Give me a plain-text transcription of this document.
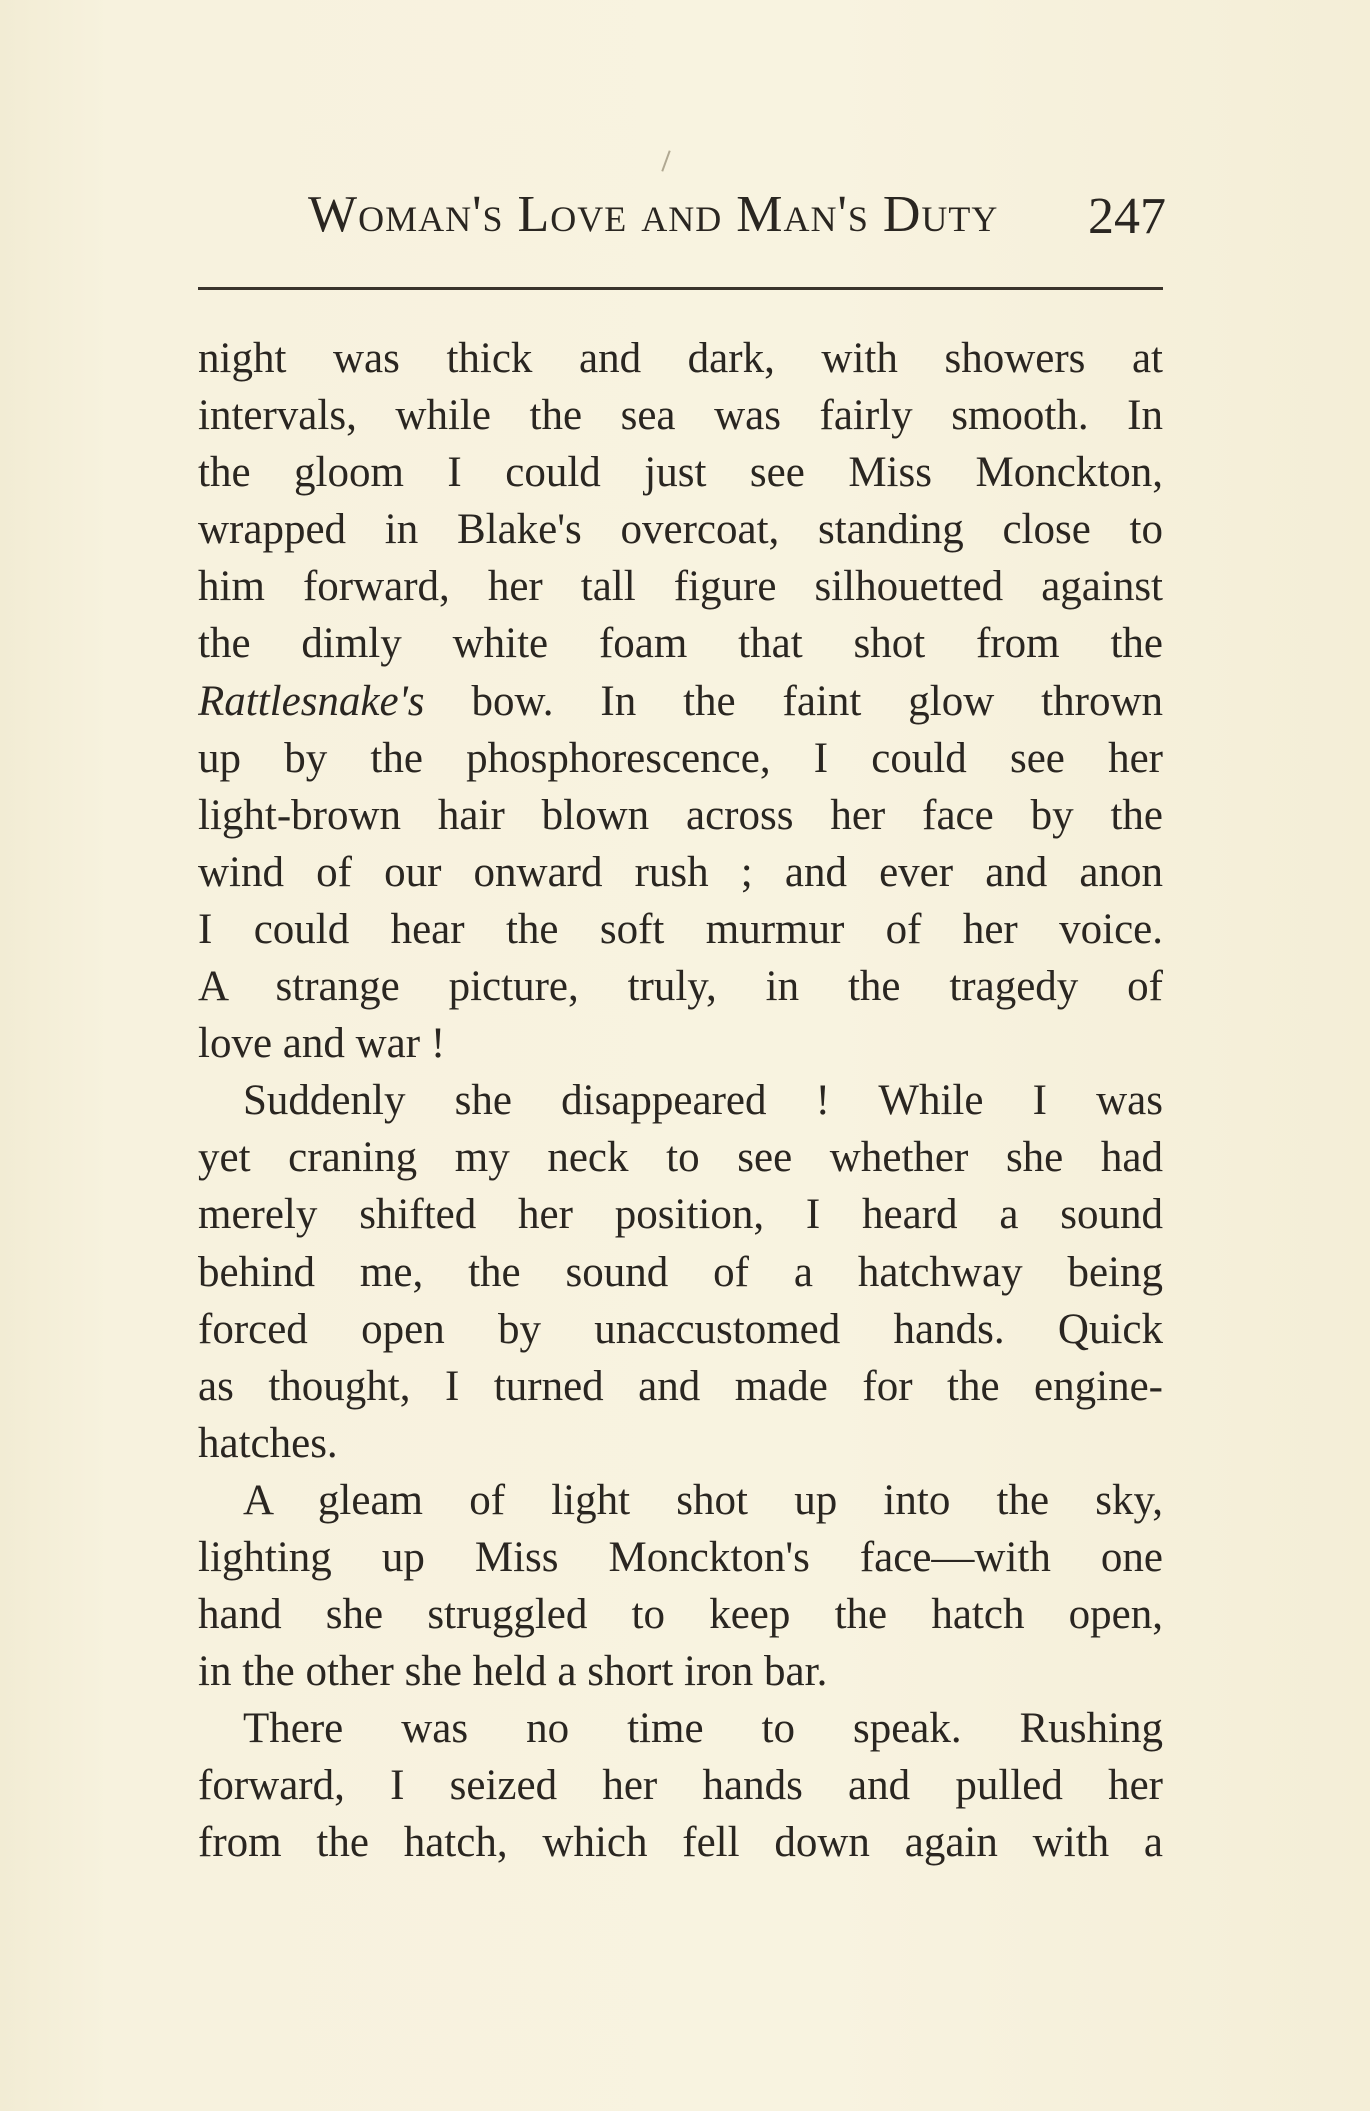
Woman's Love and Man's Duty 247
night was thick and dark, with showers at
intervals, while the sea was fairly smooth. In
the gloom I could just see Miss Monckton,
wrapped in Blake's overcoat, standing close to
him forward, her tall figure silhouetted against
the dimly white foam that shot from the
Rattlesnake's bow. In the faint glow thrown
up by the phosphorescence, I could see her
light-brown hair blown across her face by the
wind of our onward rush ; and ever and anon
I could hear the soft murmur of her voice.
A strange picture, truly, in the tragedy of
love and war !
Suddenly she disappeared ! While I was
yet craning my neck to see whether she had
merely shifted her position, I heard a sound
behind me, the sound of a hatchway being
forced open by unaccustomed hands. Quick
as thought, I turned and made for the engine-
hatches.
A gleam of light shot up into the sky,
lighting up Miss Monckton's face—with one
hand she struggled to keep the hatch open,
in the other she held a short iron bar.
There was no time to speak. Rushing
forward, I seized her hands and pulled her
from the hatch, which fell down again with a
